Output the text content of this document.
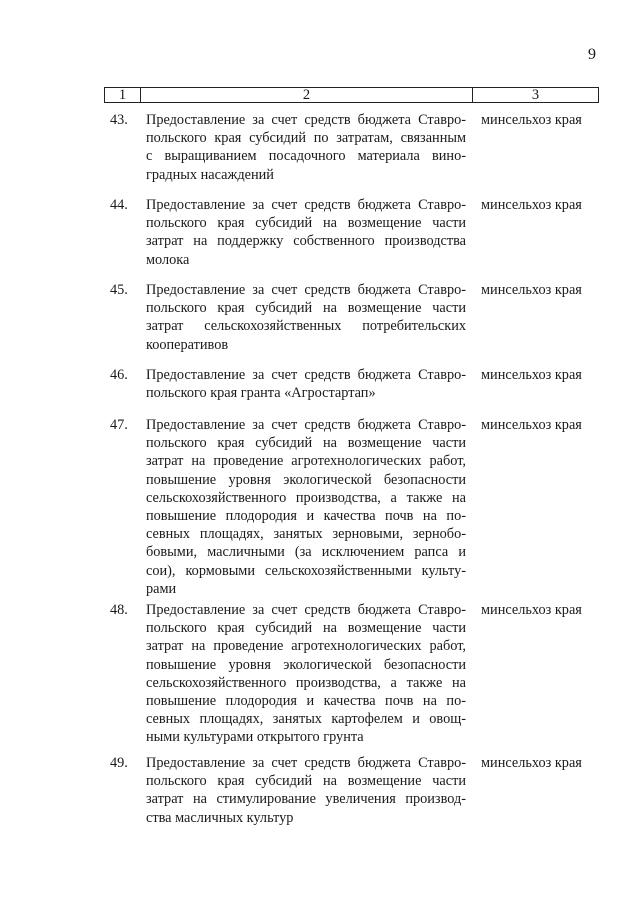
9
1	2	3
43. Предоставление за счет средств бюджета Ставро-
польского края субсидий по затратам, связанным
с выращиванием посадочного материала вино-
градных насаждений
минсельхоз края
44. Предоставление за счет средств бюджета Ставро-
польского края субсидий на возмещение части
затрат на поддержку собственного производства
молока
минсельхоз края
45. Предоставление за счет средств бюджета Ставро-
польского края субсидий на возмещение части
затрат сельскохозяйственных потребительских
кооперативов
минсельхоз края
46. Предоставление за счет средств бюджета Ставро-
польского края гранта «Агростартап»
минсельхоз края
47. Предоставление за счет средств бюджета Ставро-
польского края субсидий на возмещение части
затрат на проведение агротехнологических работ,
повышение уровня экологической безопасности
сельскохозяйственного производства, а также на
повышение плодородия и качества почв на по-
севных площадях, занятых зерновыми, зернобо-
бовыми, масличными (за исключением рапса и
сои), кормовыми сельскохозяйственными культу-
рами
минсельхоз края
48. Предоставление за счет средств бюджета Ставро-
польского края субсидий на возмещение части
затрат на проведение агротехнологических работ,
повышение уровня экологической безопасности
сельскохозяйственного производства, а также на
повышение плодородия и качества почв на по-
севных площадях, занятых картофелем и овощ-
ными культурами открытого грунта
минсельхоз края
49. Предоставление за счет средств бюджета Ставро-
польского края субсидий на возмещение части
затрат на стимулирование увеличения производ-
ства масличных культур
минсельхоз края
